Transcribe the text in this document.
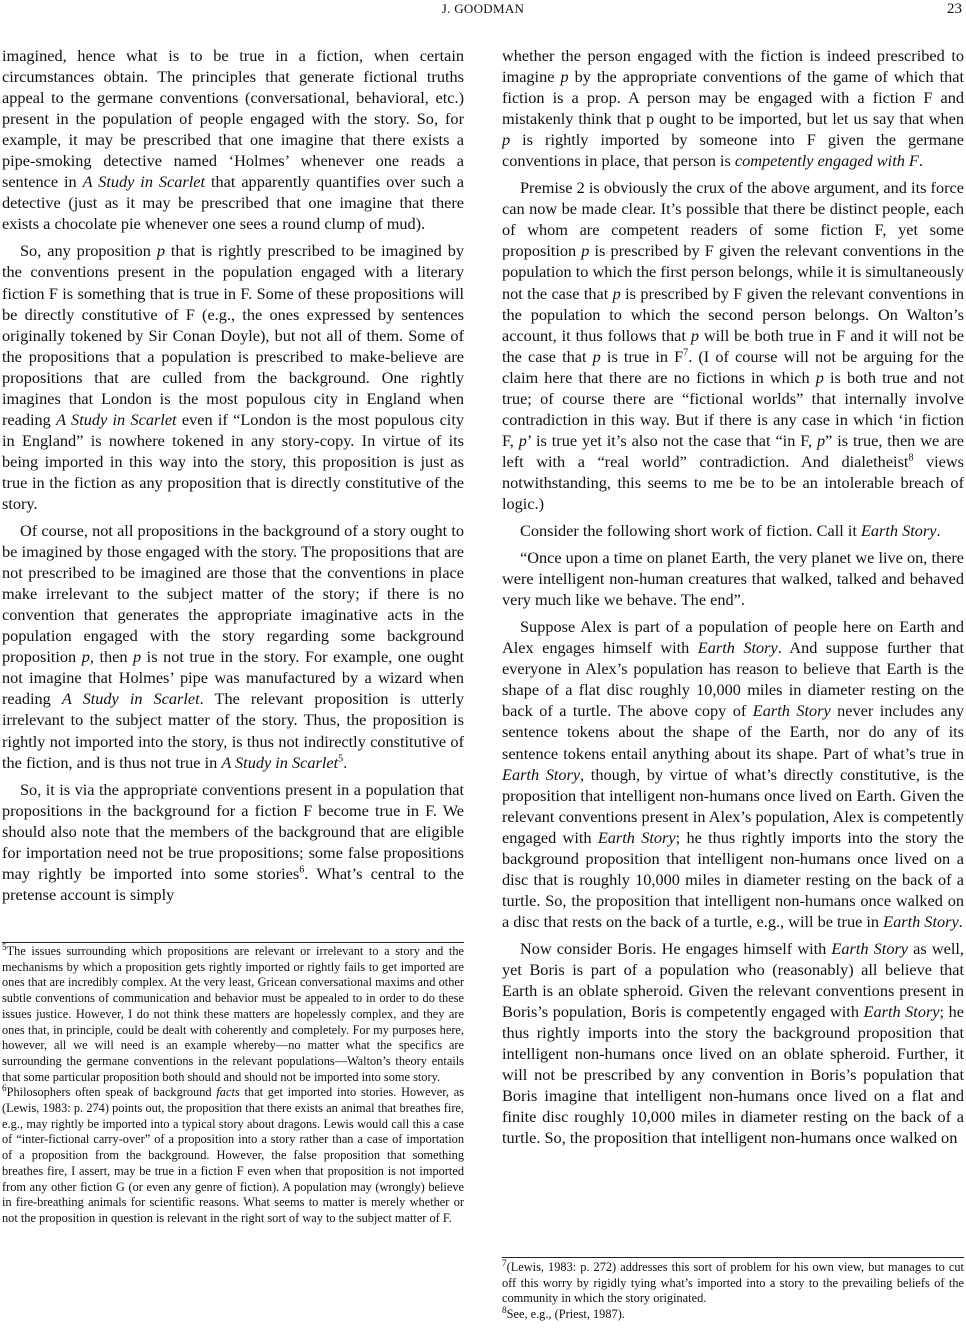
J. GOODMAN	23

imagined, hence what is to be true in a fiction, when certain circumstances obtain. The principles that generate fictional truths appeal to the germane conventions (conversational, behavioral, etc.) present in the population of people engaged with the story. So, for example, it may be prescribed that one imagine that there exists a pipe-smoking detective named ‘Holmes’ whenever one reads a sentence in A Study in Scarlet that apparently quantifies over such a detective (just as it may be prescribed that one imagine that there exists a chocolate pie whenever one sees a round clump of mud).

So, any proposition p that is rightly prescribed to be imagined by the conventions present in the population engaged with a literary fiction F is something that is true in F. Some of these propositions will be directly constitutive of F (e.g., the ones expressed by sentences originally tokened by Sir Conan Doyle), but not all of them. Some of the propositions that a population is prescribed to make-believe are propositions that are culled from the background. One rightly imagines that London is the most populous city in England when reading A Study in Scarlet even if “London is the most populous city in England” is nowhere tokened in any story-copy. In virtue of its being imported in this way into the story, this proposition is just as true in the fiction as any proposition that is directly constitutive of the story.

Of course, not all propositions in the background of a story ought to be imagined by those engaged with the story. The propositions that are not prescribed to be imagined are those that the conventions in place make irrelevant to the subject matter of the story; if there is no convention that generates the appropriate imaginative acts in the population engaged with the story regarding some background proposition p, then p is not true in the story. For example, one ought not imagine that Holmes’ pipe was manufactured by a wizard when reading A Study in Scarlet. The relevant proposition is utterly irrelevant to the subject matter of the story. Thus, the proposition is rightly not imported into the story, is thus not indirectly constitutive of the fiction, and is thus not true in A Study in Scarlet$^5$.

So, it is via the appropriate conventions present in a population that propositions in the background for a fiction F become true in F. We should also note that the members of the background that are eligible for importation need not be true propositions; some false propositions may rightly be imported into some stories$^6$. What’s central to the pretense account is simply

$^5$The issues surrounding which propositions are relevant or irrelevant to a story and the mechanisms by which a proposition gets rightly imported or rightly fails to get imported are ones that are incredibly complex. At the very least, Gricean conversational maxims and other subtle conventions of communication and behavior must be appealed to in order to do these issues justice. However, I do not think these matters are hopelessly complex, and they are ones that, in principle, could be dealt with coherently and completely. For my purposes here, however, all we will need is an example whereby—no matter what the specifics are surrounding the germane conventions in the relevant populations—Walton’s theory entails that some particular proposition both should and should not be imported into some story.

$^6$Philosophers often speak of background facts that get imported into stories. However, as (Lewis, 1983: p. 274) points out, the proposition that there exists an animal that breathes fire, e.g., may rightly be imported into a typical story about dragons. Lewis would call this a case of “inter-fictional carry-over” of a proposition into a story rather than a case of importation of a proposition from the background. However, the false proposition that something breathes fire, I assert, may be true in a fiction F even when that proposition is not imported from any other fiction G (or even any genre of fiction). A population may (wrongly) believe in fire-breathing animals for scientific reasons. What seems to matter is merely whether or not the proposition in question is relevant in the right sort of way to the subject matter of F.

whether the person engaged with the fiction is indeed prescribed to imagine p by the appropriate conventions of the game of which that fiction is a prop. A person may be engaged with a fiction F and mistakenly think that p ought to be imported, but let us say that when p is rightly imported by someone into F given the germane conventions in place, that person is competently engaged with F.

Premise 2 is obviously the crux of the above argument, and its force can now be made clear. It’s possible that there be distinct people, each of whom are competent readers of some fiction F, yet some proposition p is prescribed by F given the relevant conventions in the population to which the first person belongs, while it is simultaneously not the case that p is prescribed by F given the relevant conventions in the population to which the second person belongs. On Walton’s account, it thus follows that p will be both true in F and it will not be the case that p is true in $F^7$. (I of course will not be arguing for the claim here that there are no fictions in which p is both true and not true; of course there are “fictional worlds” that internally involve contradiction in this way. But if there is any case in which ‘in fiction F, p’ is true yet it’s also not the case that “in F, p” is true, then we are left with a “real world” contradiction. And dialetheist$^8$ views notwithstanding, this seems to me be to be an intolerable breach of logic.)

Consider the following short work of fiction. Call it Earth Story.

“Once upon a time on planet Earth, the very planet we live on, there were intelligent non-human creatures that walked, talked and behaved very much like we behave. The end”.

Suppose Alex is part of a population of people here on Earth and Alex engages himself with Earth Story. And suppose further that everyone in Alex’s population has reason to believe that Earth is the shape of a flat disc roughly 10,000 miles in diameter resting on the back of a turtle. The above copy of Earth Story never includes any sentence tokens about the shape of the Earth, nor do any of its sentence tokens entail anything about its shape. Part of what’s true in Earth Story, though, by virtue of what’s directly constitutive, is the proposition that intelligent non-humans once lived on Earth. Given the relevant conventions present in Alex’s population, Alex is competently engaged with Earth Story; he thus rightly imports into the story the background proposition that intelligent non-humans once lived on a disc that is roughly 10,000 miles in diameter resting on the back of a turtle. So, the proposition that intelligent non-humans once walked on a disc that rests on the back of a turtle, e.g., will be true in Earth Story.

Now consider Boris. He engages himself with Earth Story as well, yet Boris is part of a population who (reasonably) all believe that Earth is an oblate spheroid. Given the relevant conventions present in Boris’s population, Boris is competently engaged with Earth Story; he thus rightly imports into the story the background proposition that intelligent non-humans once lived on an oblate spheroid. Further, it will not be prescribed by any convention in Boris’s population that Boris imagine that intelligent non-humans once lived on a flat and finite disc roughly 10,000 miles in diameter resting on the back of a turtle. So, the proposition that intelligent non-humans once walked on

$^7$(Lewis, 1983: p. 272) addresses this sort of problem for his own view, but manages to cut off this worry by rigidly tying what’s imported into a story to the prevailing beliefs of the community in which the story originated.

$^8$See, e.g., (Priest, 1987).
